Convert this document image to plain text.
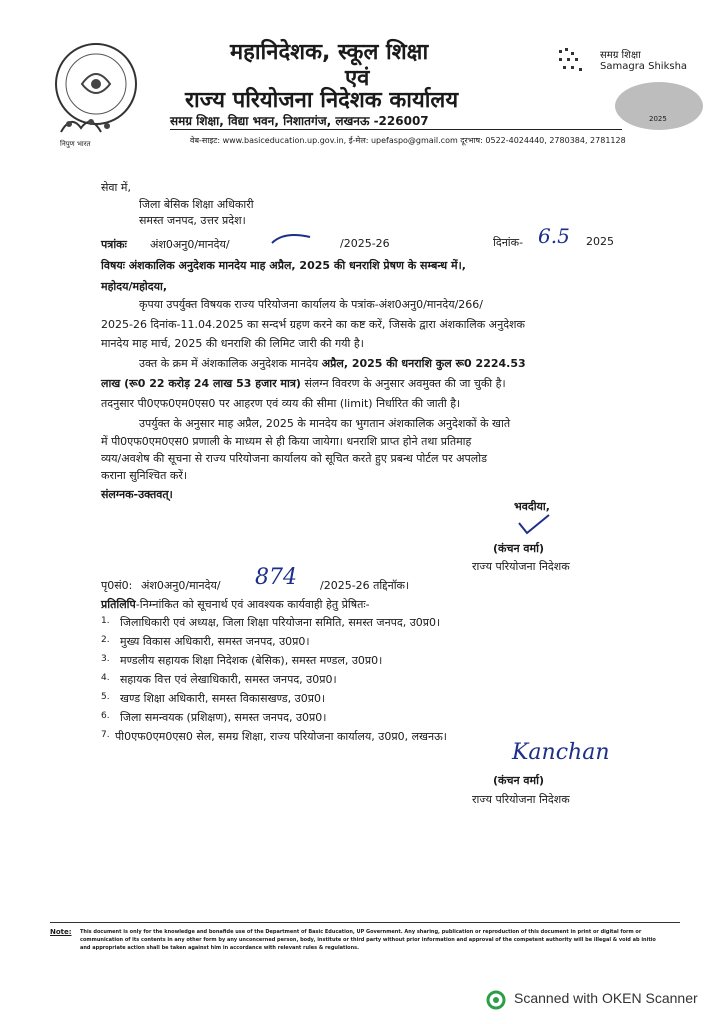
निपुण भारत
महानिदेशक, स्कूल शिक्षा
एवं
राज्य परियोजना निदेशक कार्यालय
समग्र शिक्षा, विद्या भवन, निशातगंज, लखनऊ -226007
वेब-साइट: www.basiceducation.up.gov.in, ई-मेल: upefaspo@gmail.com दूरभाष: 0522-4024440, 2780384, 2781128
समग्र शिक्षा
Samagra Shiksha
2025
सेवा में,
जिला बेसिक शिक्षा अधिकारी
समस्त जनपद, उत्तर प्रदेश।
पत्रांकः अंश0अनु0/मानदेय/	/2025-26	दिनांक- 6.5 2025
विषयः अंशकालिक अनुदेशक मानदेय माह अप्रैल, 2025 की धनराशि प्रेषण के सम्बन्ध में।,
महोदय/महोदया,
कृपया उपर्युक्त विषयक राज्य परियोजना कार्यालय के पत्रांक-अंश0अनु0/मानदेय/266/
2025-26 दिनांक-11.04.2025 का सन्दर्भ ग्रहण करने का कष्ट करें, जिसके द्वारा अंशकालिक अनुदेशक
मानदेय माह मार्च, 2025 की धनराशि की लिमिट जारी की गयी है।
उक्त के क्रम में अंशकालिक अनुदेशक मानदेय अप्रैल, 2025 की धनराशि कुल रू0 2224.53
लाख (रू0 22 करोड़ 24 लाख 53 हजार मात्र) संलग्न विवरण के अनुसार अवमुक्त की जा चुकी है।
तदनुसार पी0एफ0एम0एस0 पर आहरण एवं व्यय की सीमा (limit) निर्धारित की जाती है।
उपर्युक्त के अनुसार माह अप्रैल, 2025 के मानदेय का भुगतान अंशकालिक अनुदेशकों के खाते
में पी0एफ0एम0एस0 प्रणाली के माध्यम से ही किया जायेगा। धनराशि प्राप्त होने तथा प्रतिमाह
व्यय/अवशेष की सूचना से राज्य परियोजना कार्यालय को सूचित करते हुए प्रबन्ध पोर्टल पर अपलोड
कराना सुनिश्चित करें।
संलग्नक-उक्तवत्।
भवदीया,
(कंचन वर्मा)
राज्य परियोजना निदेशक
पृ0सं0: अंश0अनु0/मानदेय/ 874 /2025-26 तद्दिनॉक।
प्रतिलिपि-निम्नांकित को सूचनार्थ एवं आवश्यक कार्यवाही हेतु प्रेषितः-
1. जिलाधिकारी एवं अध्यक्ष, जिला शिक्षा परियोजना समिति, समस्त जनपद, उ0प्र0।
2. मुख्य विकास अधिकारी, समस्त जनपद, उ0प्र0।
3. मण्डलीय सहायक शिक्षा निदेशक (बेसिक), समस्त मण्डल, उ0प्र0।
4. सहायक वित्त एवं लेखाधिकारी, समस्त जनपद, उ0प्र0।
5. खण्ड शिक्षा अधिकारी, समस्त विकासखण्ड, उ0प्र0।
6. जिला समन्वयक (प्रशिक्षण), समस्त जनपद, उ0प्र0।
7. पी0एफ0एम0एस0 सेल, समग्र शिक्षा, राज्य परियोजना कार्यालय, उ0प्र0, लखनऊ।
Kanchan
(कंचन वर्मा)
राज्य परियोजना निदेशक
Note: This document is only for the knowledge and bonafide use of the Department of Basic Education, UP Government. Any sharing, publication or reproduction of this document in print or digital form or communication of its contents in any other form by any unconcerned person, body, institute or third party without prior information and approval of the competent authority will be illegal & void ab initio and appropriate action shall be taken against him in accordance with relevant rules & regulations.
Scanned with OKEN Scanner
